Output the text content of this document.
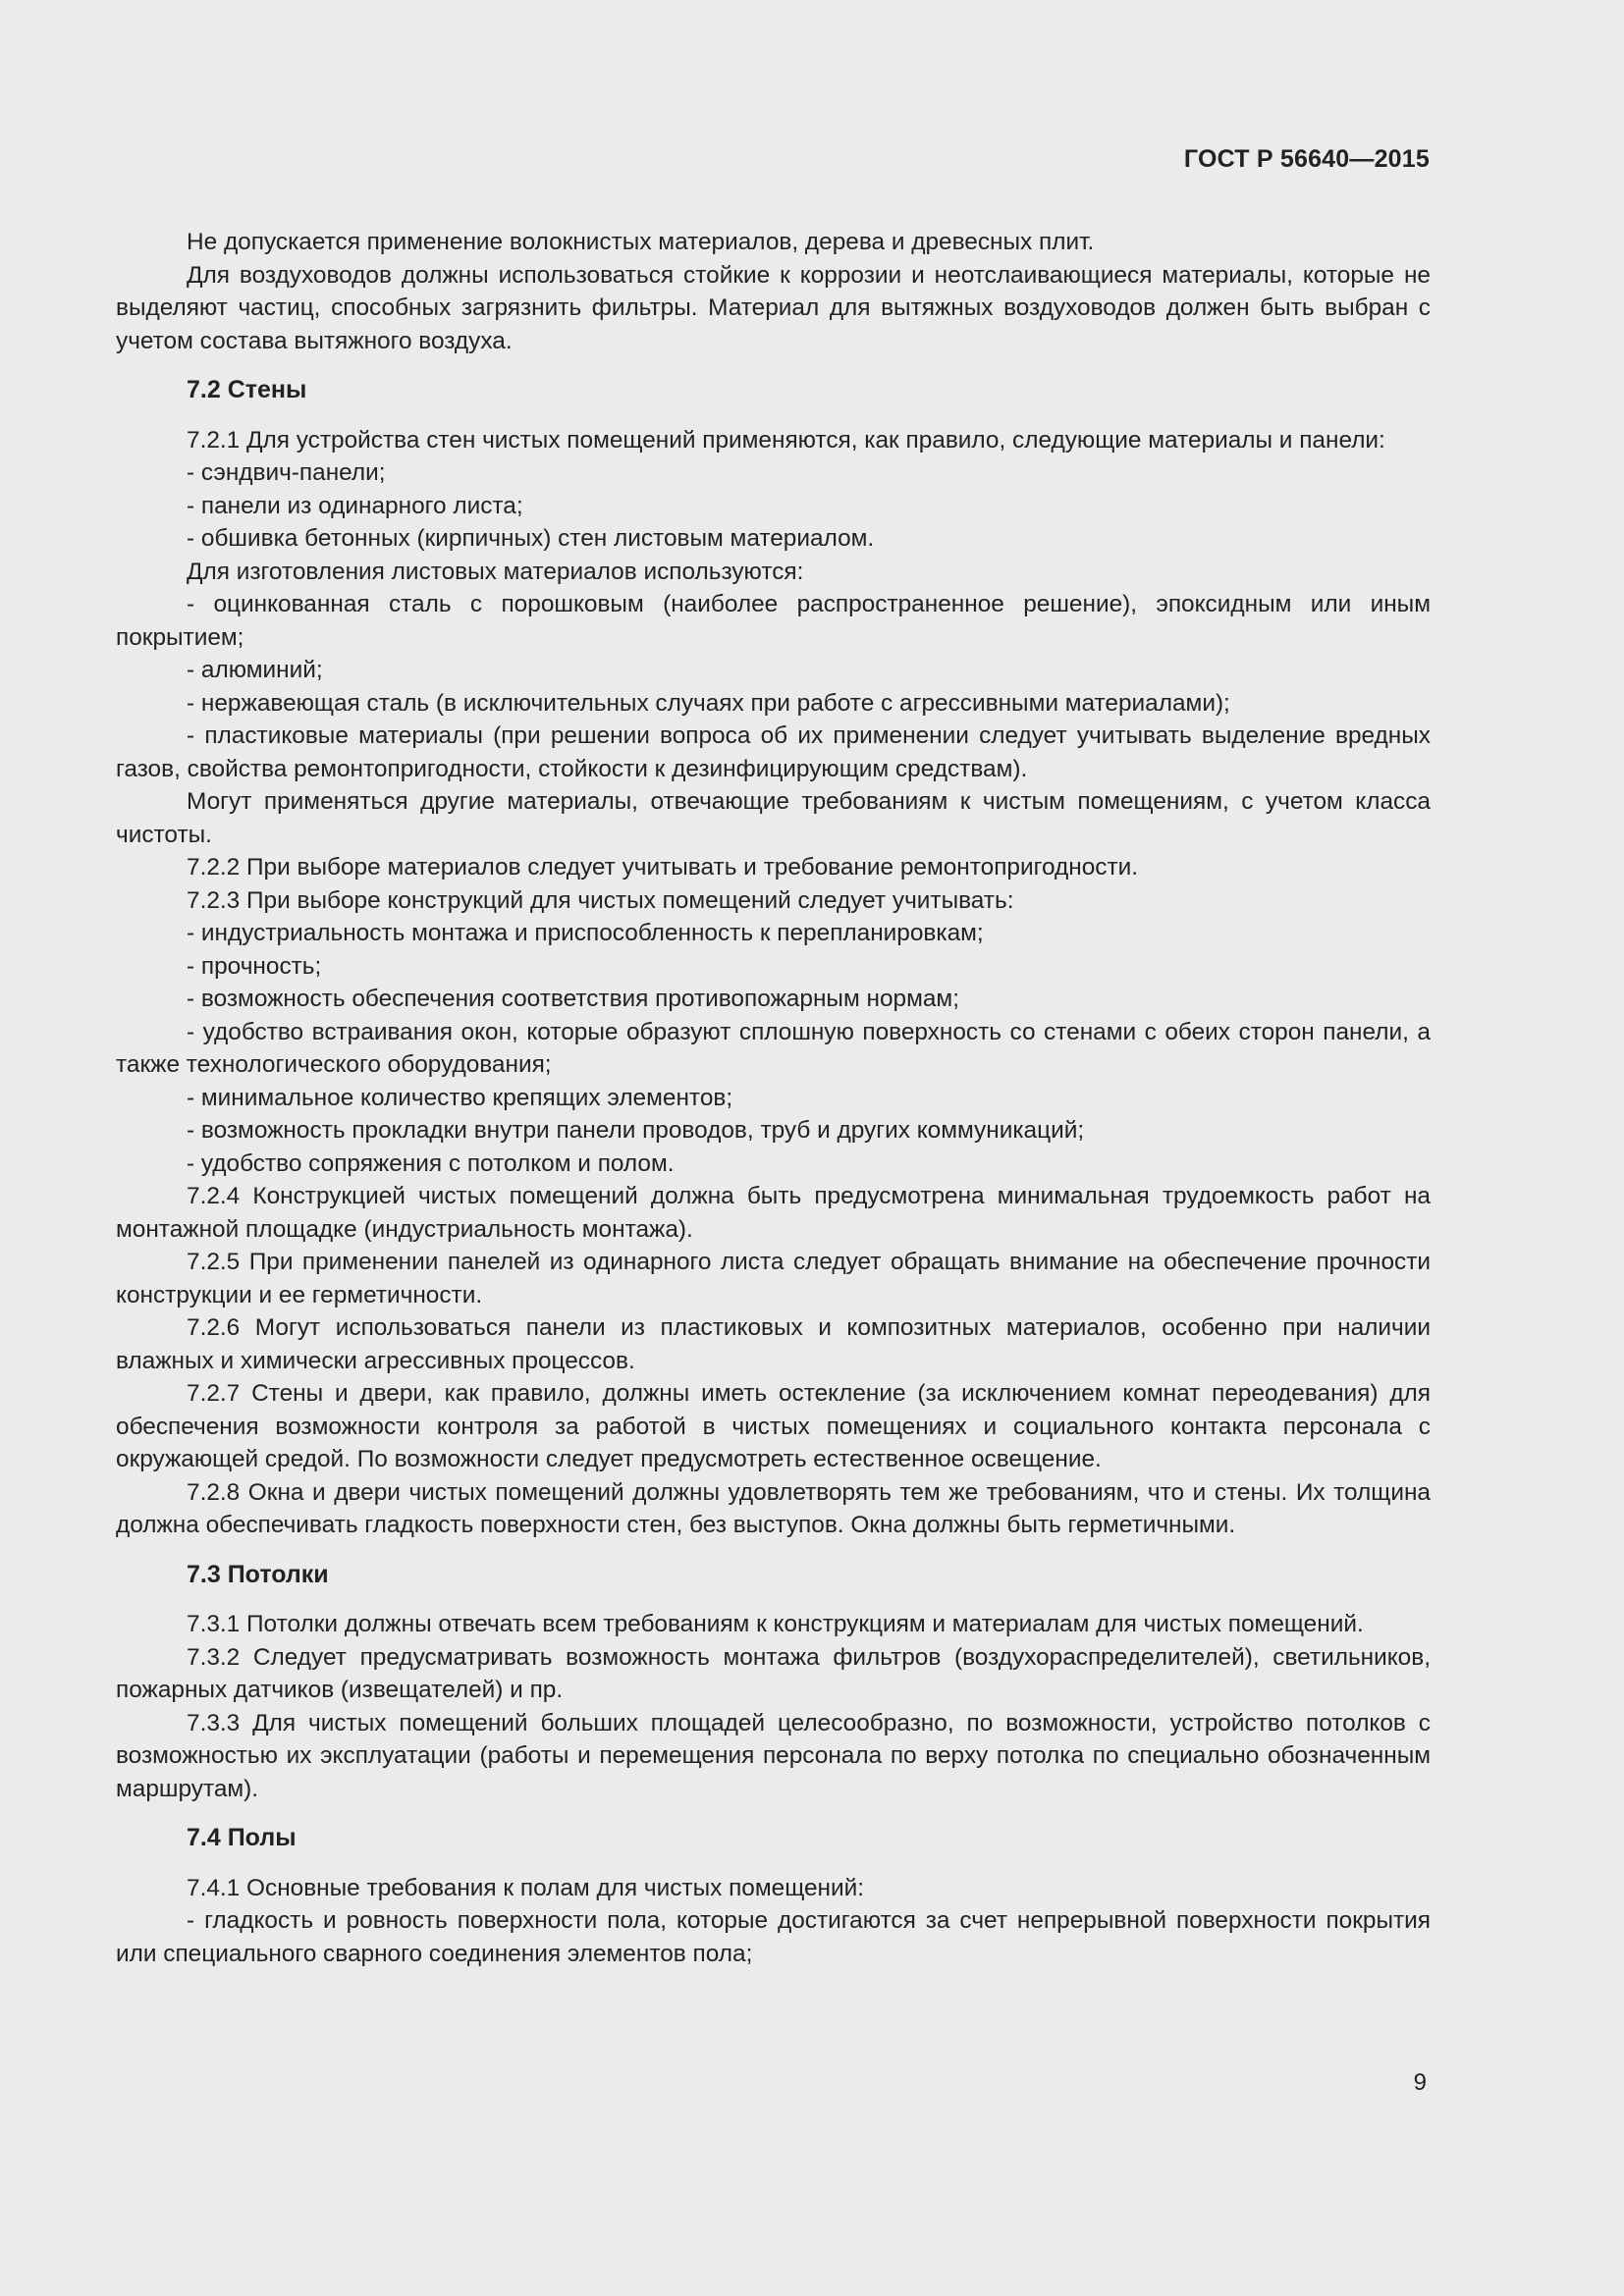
ГОСТ Р 56640—2015

Не допускается применение волокнистых материалов, дерева и древесных плит.

Для воздуховодов должны использоваться стойкие к коррозии и неотслаивающиеся материалы, которые не выделяют частиц, способных загрязнить фильтры. Материал для вытяжных воздуховодов должен быть выбран с учетом состава вытяжного воздуха.

7.2 Стены

7.2.1 Для устройства стен чистых помещений применяются, как правило, следующие материалы и панели:

- сэндвич-панели;

- панели из одинарного листа;

- обшивка бетонных (кирпичных) стен листовым материалом.

Для изготовления листовых материалов используются:

- оцинкованная сталь с порошковым (наиболее распространенное решение), эпоксидным или иным покрытием;

- алюминий;

- нержавеющая сталь (в исключительных случаях при работе с агрессивными материалами);

- пластиковые материалы (при решении вопроса об их применении следует учитывать выделение вредных газов, свойства ремонтопригодности, стойкости к дезинфицирующим средствам).

Могут применяться другие материалы, отвечающие требованиям к чистым помещениям, с учетом класса чистоты.

7.2.2 При выборе материалов следует учитывать и требование ремонтопригодности.

7.2.3 При выборе конструкций для чистых помещений следует учитывать:

- индустриальность монтажа и приспособленность к перепланировкам;

- прочность;

- возможность обеспечения соответствия противопожарным нормам;

- удобство встраивания окон, которые образуют сплошную поверхность со стенами с обеих сторон панели, а также технологического оборудования;

- минимальное количество крепящих элементов;

- возможность прокладки внутри панели проводов, труб и других коммуникаций;

- удобство сопряжения с потолком и полом.

7.2.4 Конструкцией чистых помещений должна быть предусмотрена минимальная трудоемкость работ на монтажной площадке (индустриальность монтажа).

7.2.5 При применении панелей из одинарного листа следует обращать внимание на обеспечение прочности конструкции и ее герметичности.

7.2.6 Могут использоваться панели из пластиковых и композитных материалов, особенно при наличии влажных и химически агрессивных процессов.

7.2.7 Стены и двери, как правило, должны иметь остекление (за исключением комнат переодевания) для обеспечения возможности контроля за работой в чистых помещениях и социального контакта персонала с окружающей средой. По возможности следует предусмотреть естественное освещение.

7.2.8 Окна и двери чистых помещений должны удовлетворять тем же требованиям, что и стены. Их толщина должна обеспечивать гладкость поверхности стен, без выступов. Окна должны быть герметичными.

7.3 Потолки

7.3.1 Потолки должны отвечать всем требованиям к конструкциям и материалам для чистых помещений.

7.3.2 Следует предусматривать возможность монтажа фильтров (воздухораспределителей), светильников, пожарных датчиков (извещателей) и пр.

7.3.3 Для чистых помещений больших площадей целесообразно, по возможности, устройство потолков с возможностью их эксплуатации (работы и перемещения персонала по верху потолка по специально обозначенным маршрутам).

7.4 Полы

7.4.1 Основные требования к полам для чистых помещений:

- гладкость и ровность поверхности пола, которые достигаются за счет непрерывной поверхности покрытия или специального сварного соединения элементов пола;

9
